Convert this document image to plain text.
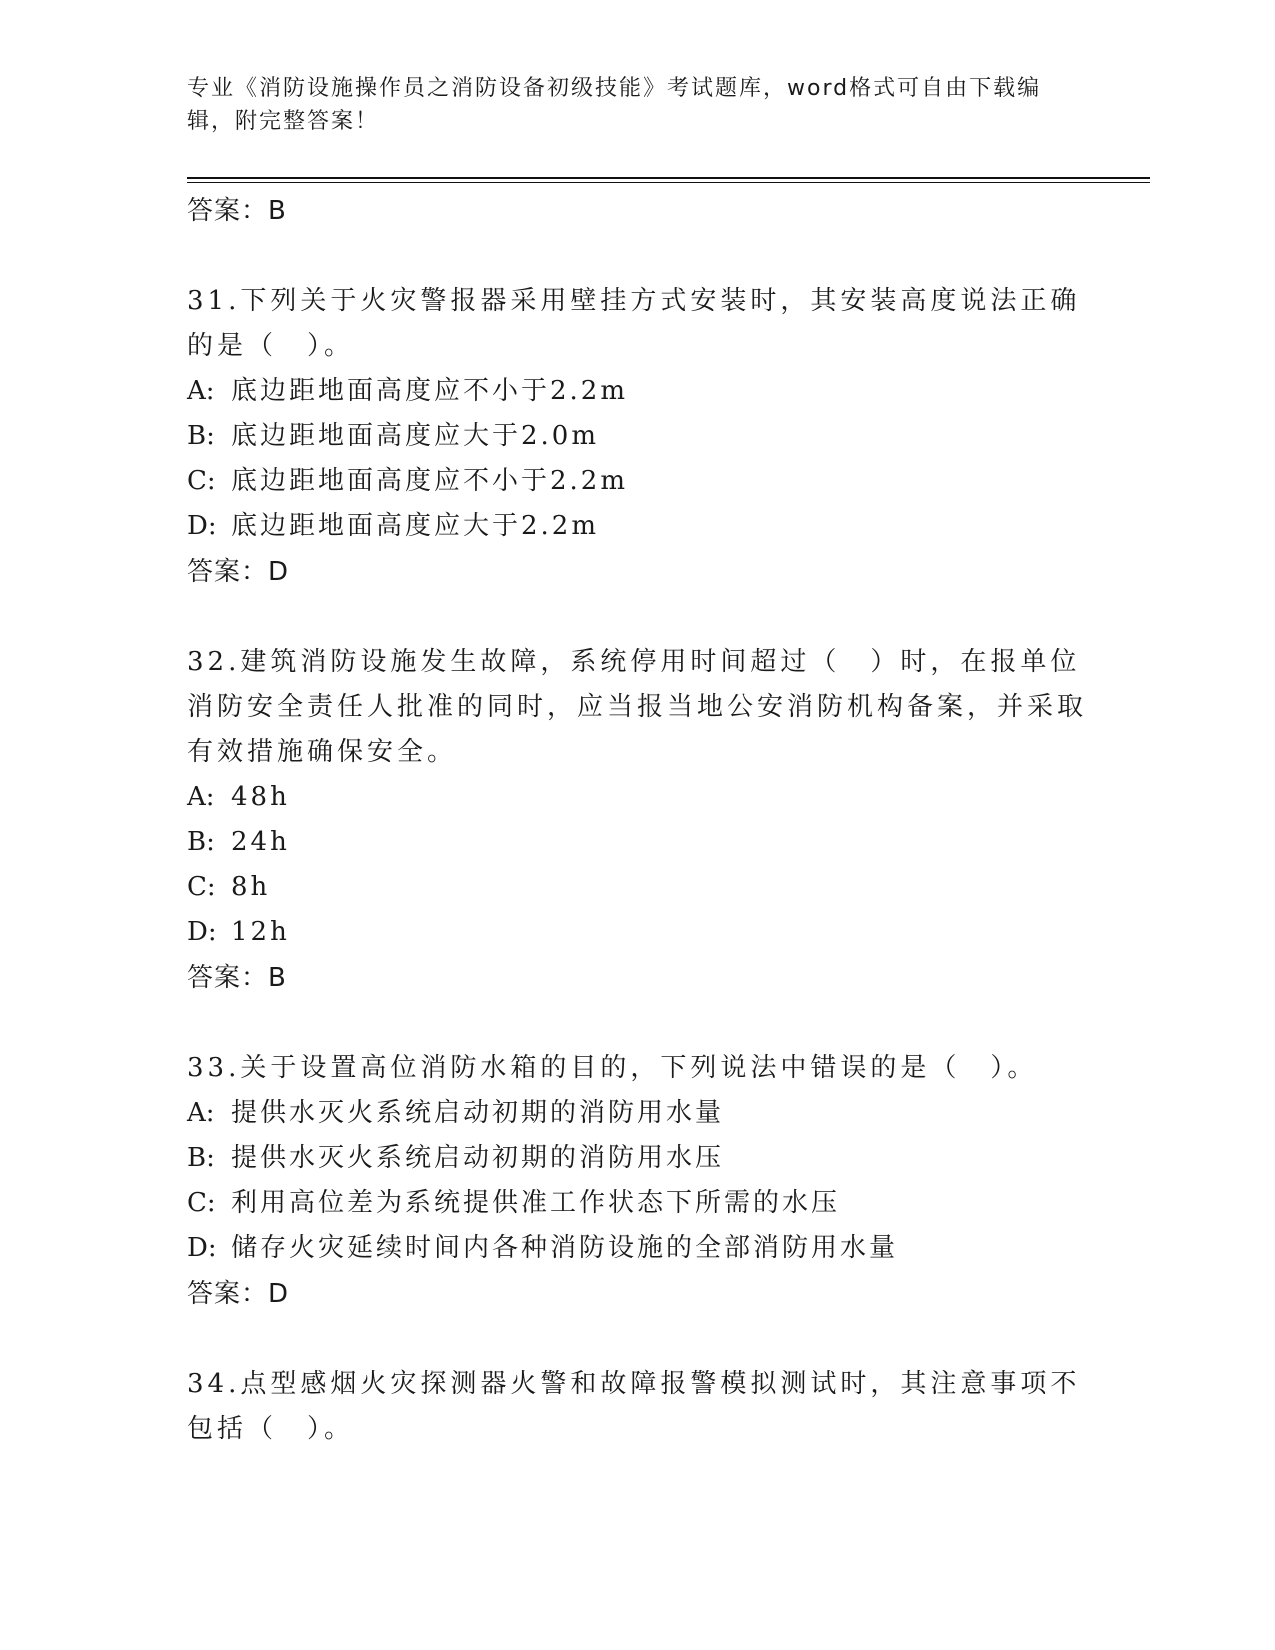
专业《消防设施操作员之消防设备初级技能》考试题库，word格式可自由下载编辑，附完整答案！

答案：B

31.下列关于火灾警报器采用壁挂方式安装时，其安装高度说法正确的是（　）。

A: 底边距地面高度应不小于2.2m

B: 底边距地面高度应大于2.0m

C: 底边距地面高度应不小于2.2m

D: 底边距地面高度应大于2.2m

答案：D

32.建筑消防设施发生故障，系统停用时间超过（　）时，在报单位消防安全责任人批准的同时，应当报当地公安消防机构备案，并采取有效措施确保安全。

A: 48h

B: 24h

C: 8h

D: 12h

答案：B

33.关于设置高位消防水箱的目的，下列说法中错误的是（　）。

A: 提供水灭火系统启动初期的消防用水量

B: 提供水灭火系统启动初期的消防用水压

C: 利用高位差为系统提供准工作状态下所需的水压

D: 储存火灾延续时间内各种消防设施的全部消防用水量

答案：D

34.点型感烟火灾探测器火警和故障报警模拟测试时，其注意事项不包括（　）。
